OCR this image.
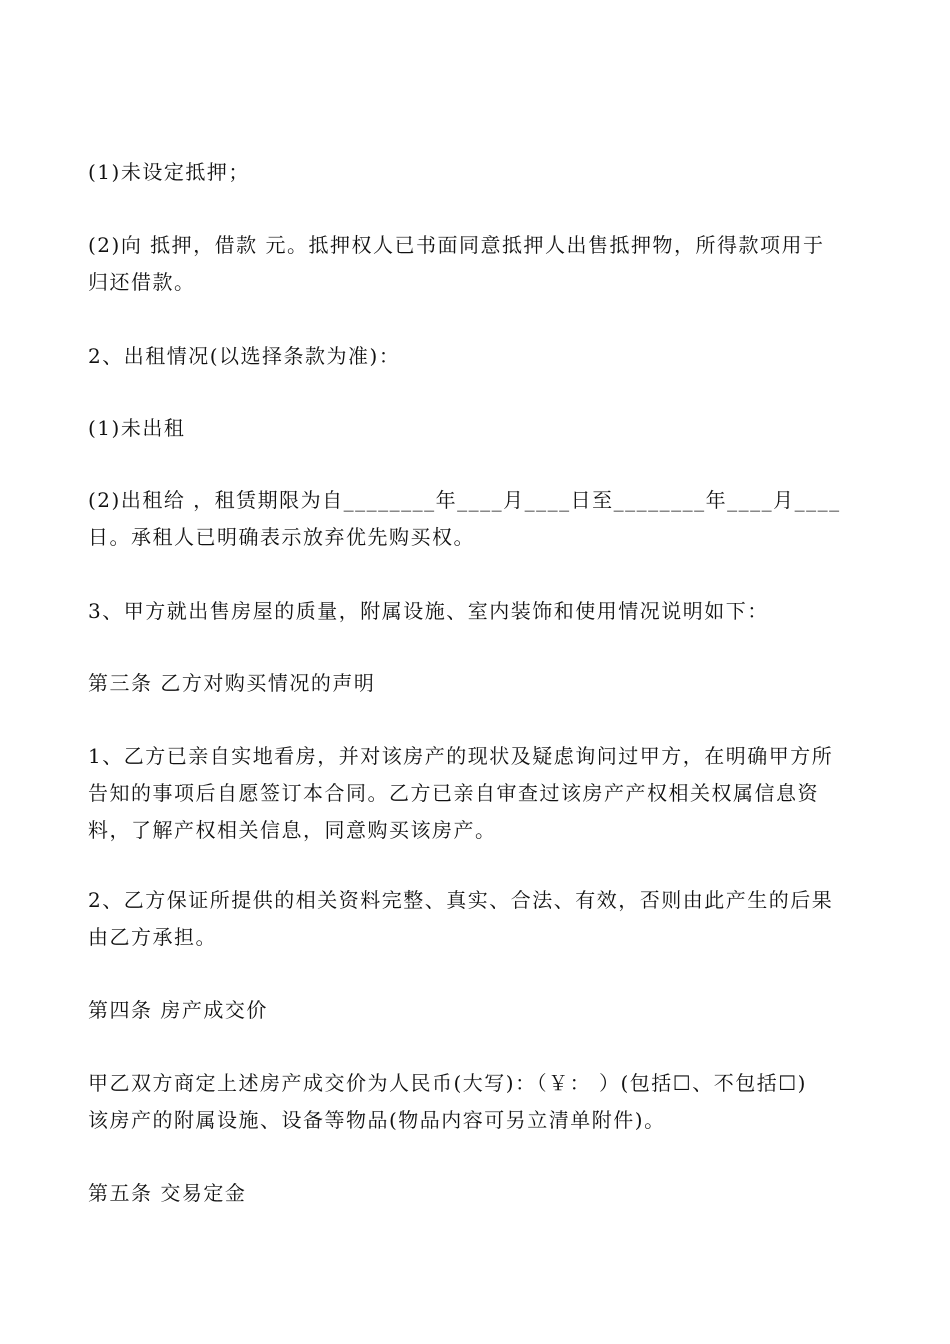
(1)未设定抵押；

(2)向 抵押，借款 元。抵押权人已书面同意抵押人出售抵押物，所得款项用于
归还借款。

2、出租情况(以选择条款为准)：

(1)未出租

(2)出租给 ，租赁期限为自________年____月____日至________年____月____
日。承租人已明确表示放弃优先购买权。

3、甲方就出售房屋的质量，附属设施、室内装饰和使用情况说明如下：

第三条 乙方对购买情况的声明

1、乙方已亲自实地看房，并对该房产的现状及疑虑询问过甲方，在明确甲方所
告知的事项后自愿签订本合同。乙方已亲自审查过该房产产权相关权属信息资
料，了解产权相关信息，同意购买该房产。

2、乙方保证所提供的相关资料完整、真实、合法、有效，否则由此产生的后果
由乙方承担。

第四条 房产成交价

甲乙双方商定上述房产成交价为人民币(大写)：（￥： ）(包括☐、不包括☐)
该房产的附属设施、设备等物品(物品内容可另立清单附件)。

第五条 交易定金
